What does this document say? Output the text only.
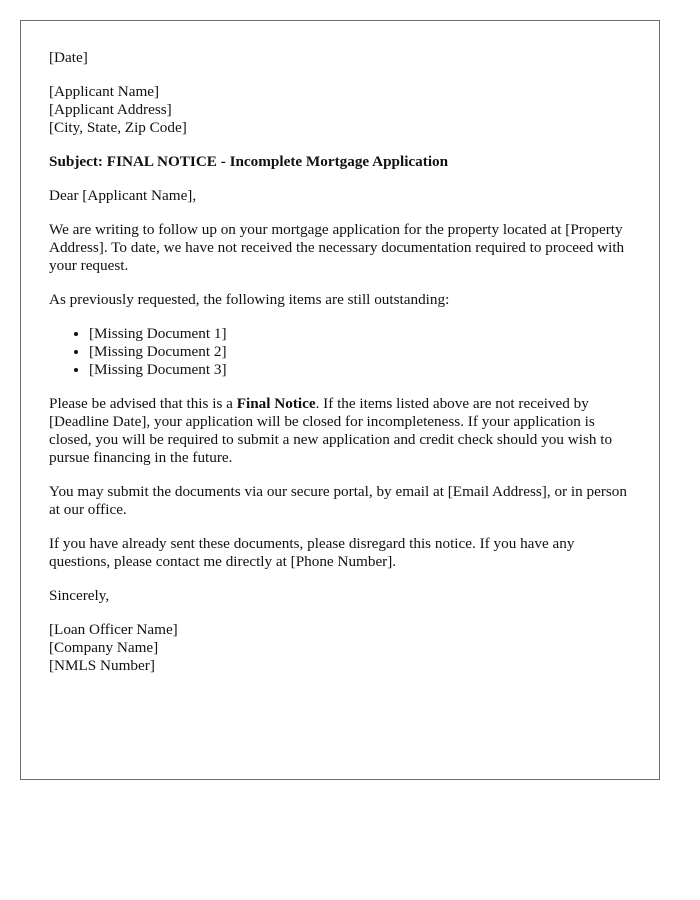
[Date]

[Applicant Name]
[Applicant Address]
[City, State, Zip Code]

Subject: FINAL NOTICE - Incomplete Mortgage Application

Dear [Applicant Name],

We are writing to follow up on your mortgage application for the property located at [Property Address]. To date, we have not received the necessary documentation required to proceed with your request.

As previously requested, the following items are still outstanding:

• [Missing Document 1]
• [Missing Document 2]
• [Missing Document 3]

Please be advised that this is a Final Notice. If the items listed above are not received by [Deadline Date], your application will be closed for incompleteness. If your application is closed, you will be required to submit a new application and credit check should you wish to pursue financing in the future.

You may submit the documents via our secure portal, by email at [Email Address], or in person at our office.

If you have already sent these documents, please disregard this notice. If you have any questions, please contact me directly at [Phone Number].

Sincerely,

[Loan Officer Name]
[Company Name]
[NMLS Number]
